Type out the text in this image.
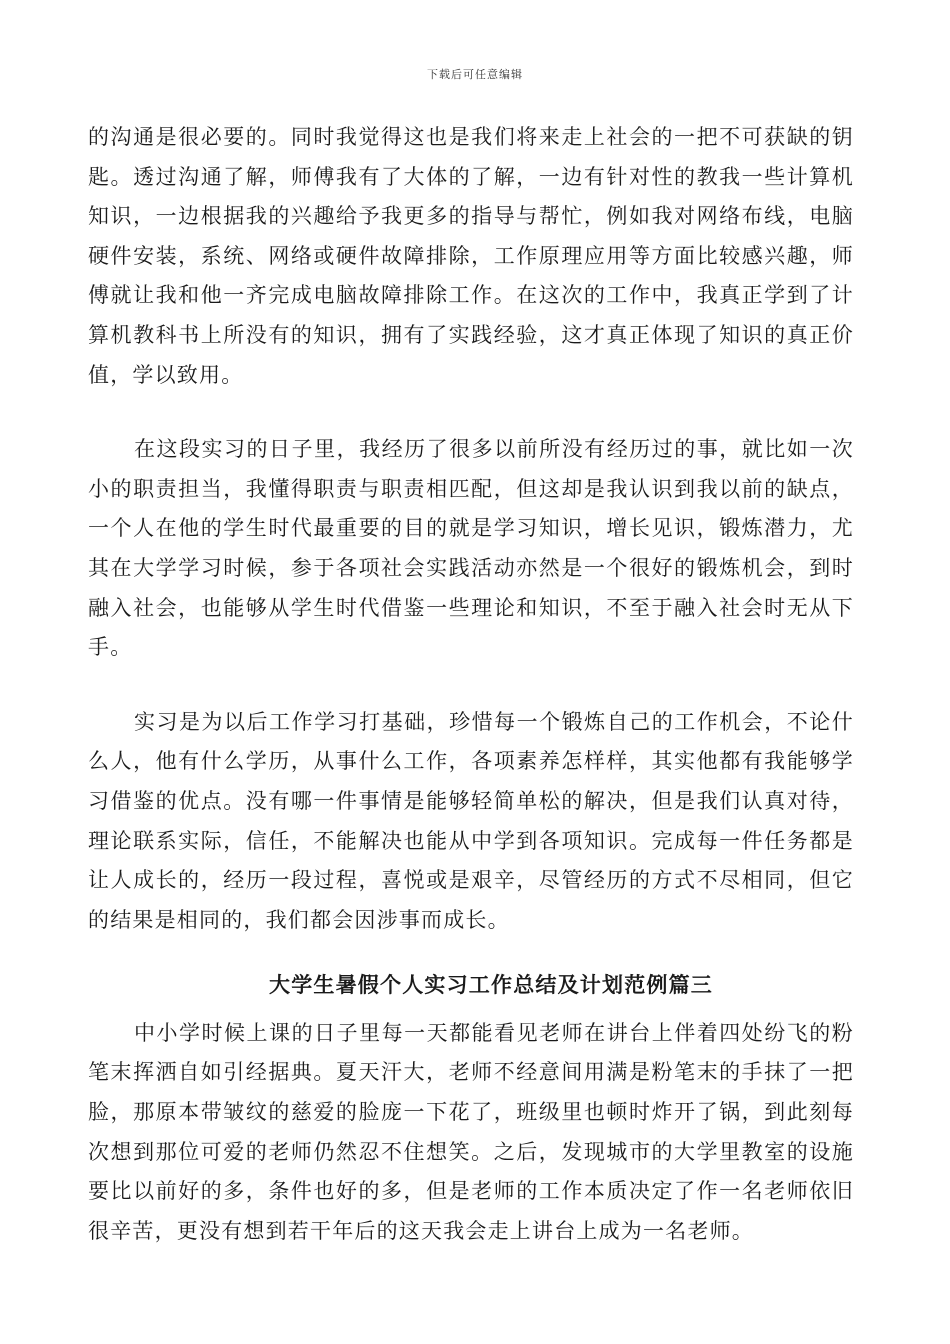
下载后可任意编辑

的沟通是很必要的。同时我觉得这也是我们将来走上社会的一把不可获缺的钥匙。透过沟通了解，师傅我有了大体的了解，一边有针对性的教我一些计算机知识，一边根据我的兴趣给予我更多的指导与帮忙，例如我对网络布线，电脑硬件安装，系统、网络或硬件故障排除，工作原理应用等方面比较感兴趣，师傅就让我和他一齐完成电脑故障排除工作。在这次的工作中，我真正学到了计算机教科书上所没有的知识，拥有了实践经验，这才真正体现了知识的真正价值，学以致用。

在这段实习的日子里，我经历了很多以前所没有经历过的事，就比如一次小的职责担当，我懂得职责与职责相匹配，但这却是我认识到我以前的缺点，一个人在他的学生时代最重要的目的就是学习知识，增长见识，锻炼潜力，尤其在大学学习时候，参于各项社会实践活动亦然是一个很好的锻炼机会，到时融入社会，也能够从学生时代借鉴一些理论和知识，不至于融入社会时无从下手。

实习是为以后工作学习打基础，珍惜每一个锻炼自己的工作机会，不论什么人，他有什么学历，从事什么工作，各项素养怎样样，其实他都有我能够学习借鉴的优点。没有哪一件事情是能够轻简单松的解决，但是我们认真对待，理论联系实际，信任，不能解决也能从中学到各项知识。完成每一件任务都是让人成长的，经历一段过程，喜悦或是艰辛，尽管经历的方式不尽相同，但它的结果是相同的，我们都会因涉事而成长。

大学生暑假个人实习工作总结及计划范例篇三

中小学时候上课的日子里每一天都能看见老师在讲台上伴着四处纷飞的粉笔末挥洒自如引经据典。夏天汗大，老师不经意间用满是粉笔末的手抹了一把脸，那原本带皱纹的慈爱的脸庞一下花了，班级里也顿时炸开了锅，到此刻每次想到那位可爱的老师仍然忍不住想笑。之后，发现城市的大学里教室的设施要比以前好的多，条件也好的多，但是老师的工作本质决定了作一名老师依旧很辛苦，更没有想到若干年后的这天我会走上讲台上成为一名老师。
